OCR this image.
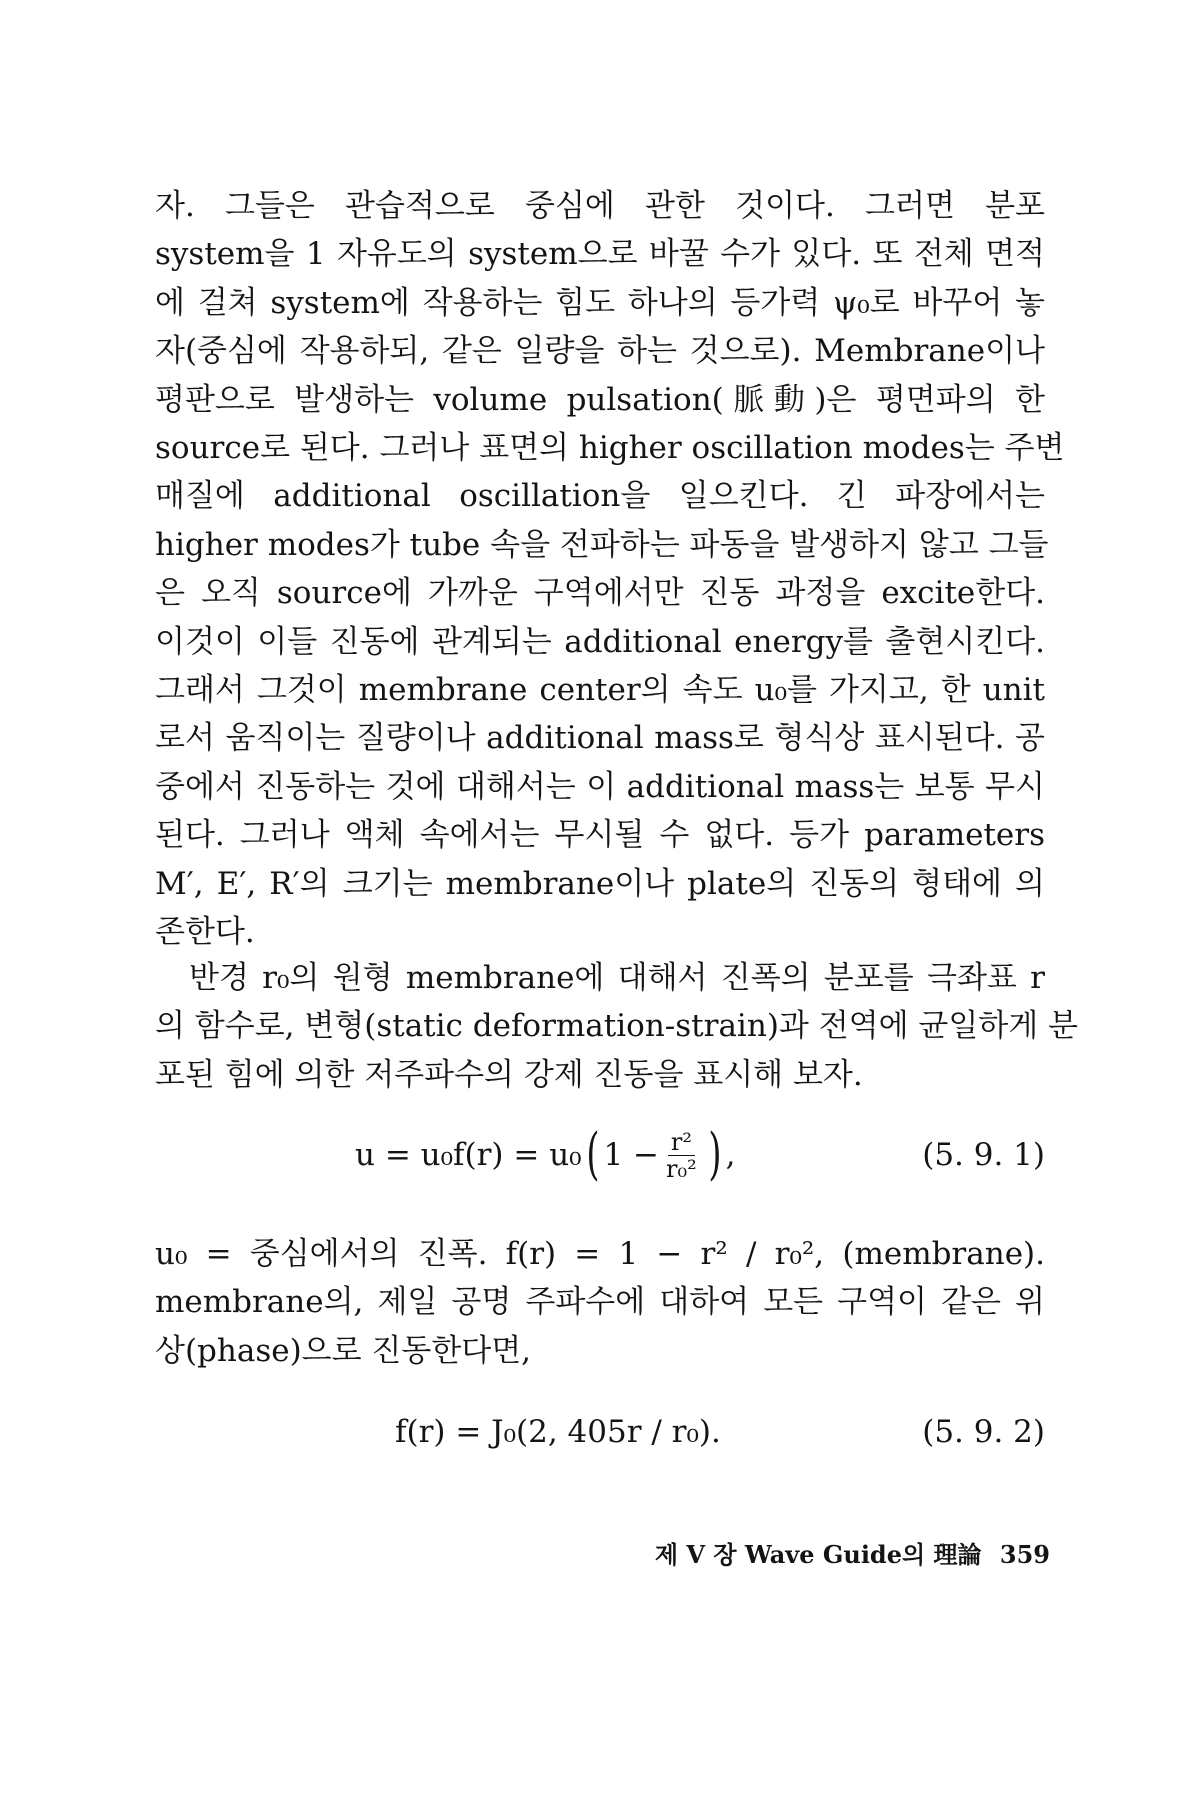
자. 그들은 관습적으로 중심에 관한 것이다. 그러면 분포
system을 1 자유도의 system으로 바꿀 수가 있다. 또 전체 면적
에 걸쳐 system에 작용하는 힘도 하나의 등가력 ψ₀로 바꾸어 놓
자(중심에 작용하되, 같은 일량을 하는 것으로). Membrane이나
평판으로 발생하는 volume pulsation(脈動)은 평면파의 한
source로 된다. 그러나 표면의 higher oscillation modes는 주변
매질에 additional oscillation을 일으킨다. 긴 파장에서는
higher modes가 tube 속을 전파하는 파동을 발생하지 않고 그들
은 오직 source에 가까운 구역에서만 진동 과정을 excite한다.
이것이 이들 진동에 관계되는 additional energy를 출현시킨다.
그래서 그것이 membrane center의 속도 u₀를 가지고, 한 unit
로서 움직이는 질량이나 additional mass로 형식상 표시된다. 공
중에서 진동하는 것에 대해서는 이 additional mass는 보통 무시
된다. 그러나 액체 속에서는 무시될 수 없다. 등가 parameters
M′, E′, R′의 크기는 membrane이나 plate의 진동의 형태에 의
존한다.
반경 r₀의 원형 membrane에 대해서 진폭의 분포를 극좌표 r
의 함수로, 변형(static deformation-strain)과 전역에 균일하게 분
포된 힘에 의한 저주파수의 강제 진동을 표시해 보자.
u = u₀f(r) = u₀ ( $1 - \frac{\text{r²}}{\text{r₀²}}$ ) ,	(5. 9. 1)
u₀ = 중심에서의 진폭. f(r) = 1 − r² / r₀², (membrane).
membrane의, 제일 공명 주파수에 대하여 모든 구역이 같은 위
상(phase)으로 진동한다면,
f(r) = J₀(2, 405r / r₀).	(5. 9. 2)
제 V 장 Wave Guide의 理論 359
